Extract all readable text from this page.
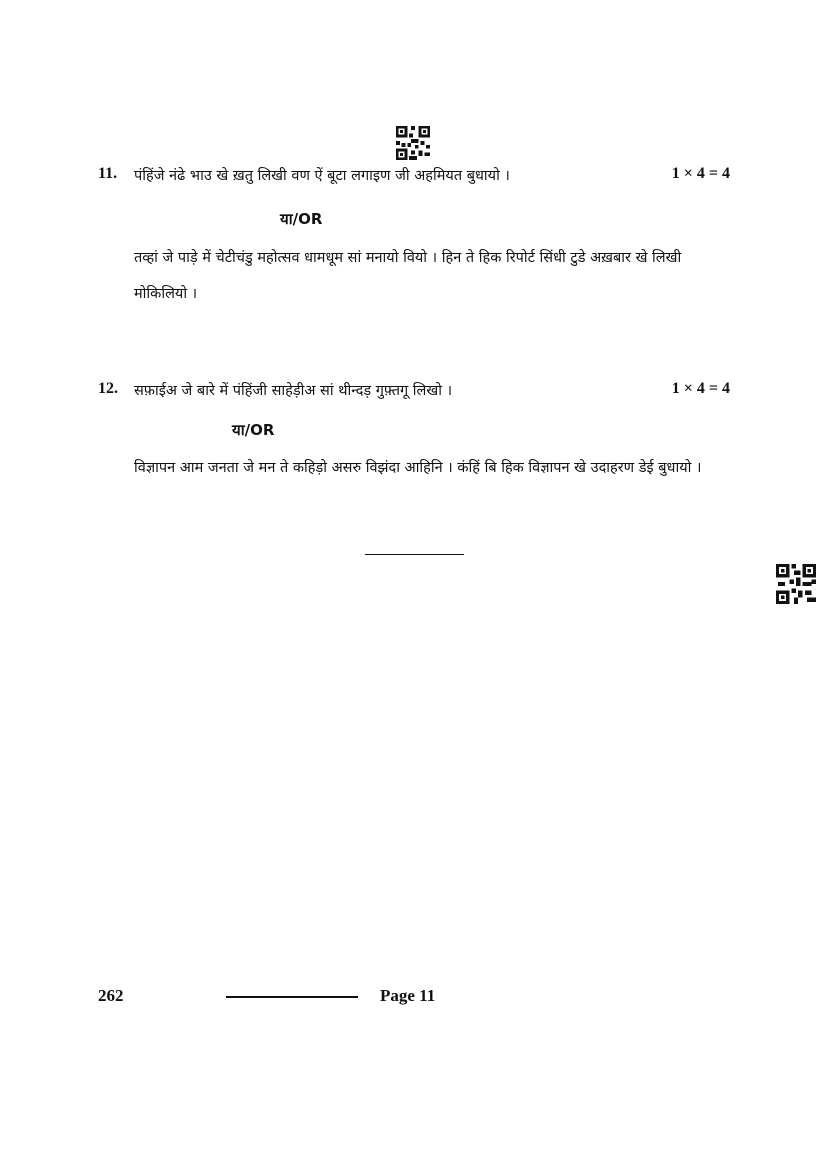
11. पंहिंजे नंढे भाउ खे ख़तु लिखी वण ऐं बूटा लगाइण जी अहमियत बुधायो ।	1 × 4 = 4
या/OR
तव्हां जे पाड़े में चेटीचंडु महोत्सव धामधूम सां मनायो वियो । हिन ते हिक रिपोर्ट सिंधी टुडे अख़बार खे लिखी मोकिलियो ।
12. सफ़ाईअ जे बारे में पंहिंजी साहेड़ीअ सां थीन्दड़ गुफ़्तगू लिखो ।	1 × 4 = 4
या/OR
विज्ञापन आम जनता जे मन ते कहिड़ो असरु विझंदा आहिनि । कंहिं बि हिक विज्ञापन खे उदाहरण डेई बुधायो ।
262	Page 11
